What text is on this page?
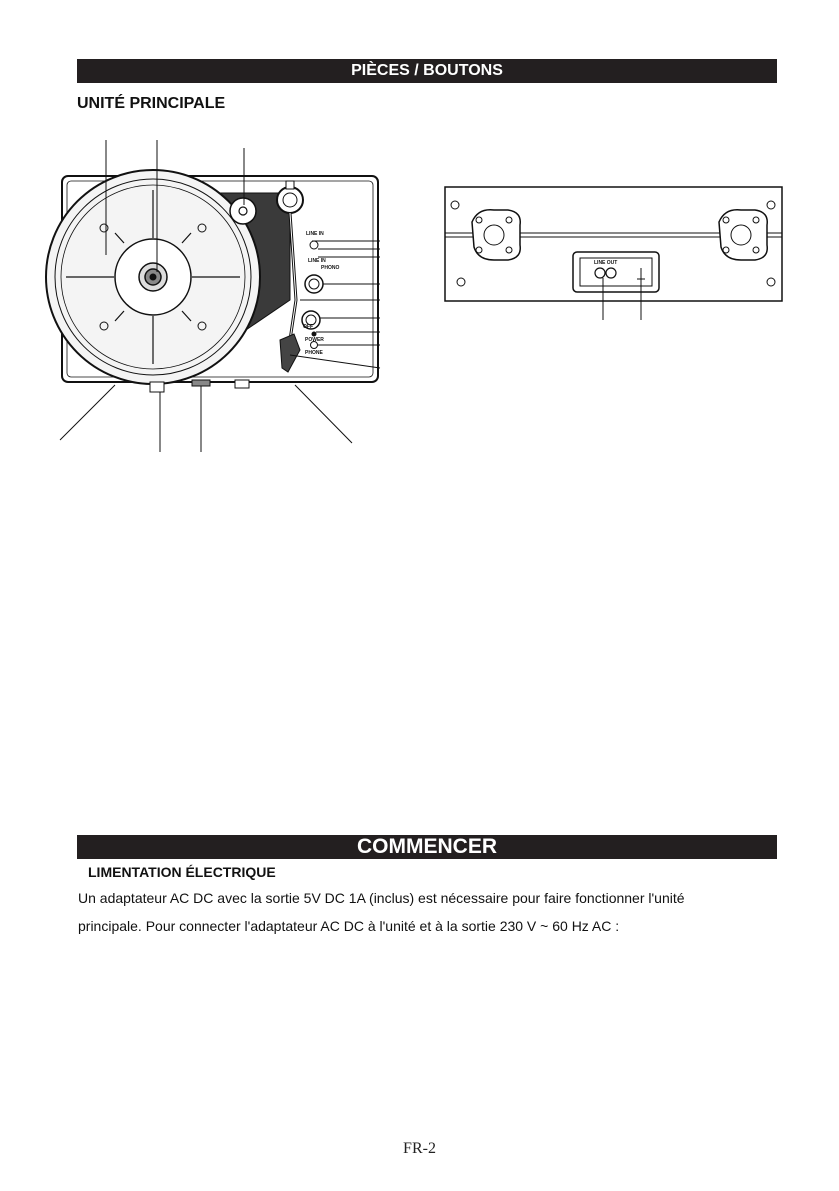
PIÈCES / BOUTONS
UNITÉ PRINCIPALE
LINE IN
LINE IN
PHONO
OFF
POWER
PHONE
LINE OUT
COMMENCER
LIMENTATION ÉLECTRIQUE
Un adaptateur AC DC avec la sortie 5V DC 1A (inclus) est nécessaire pour faire fonctionner l'unité
principale. Pour connecter l'adaptateur AC DC à l'unité et à la sortie 230 V ~ 60 Hz AC :
FR-2
